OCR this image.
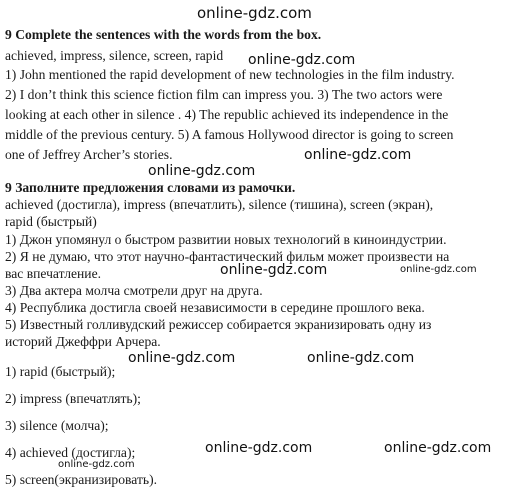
online-gdz.com
online-gdz.com
online-gdz.com
online-gdz.com
online-gdz.com	online-gdz.com
online-gdz.com	online-gdz.com
online-gdz.com	online-gdz.com
online-gdz.com
9 Complete the sentences with the words from the box.
achieved, impress, silence, screen, rapid
1) John mentioned the rapid development of new technologies in the film industry.
2) I don’t think this science fiction film can impress you. 3) The two actors were
looking at each other in silence . 4) The republic achieved its independence in the
middle of the previous century. 5) A famous Hollywood director is going to screen
one of Jeffrey Archer’s stories.
9 Заполните предложения словами из рамочки.
achieved (достигла), impress (впечатлить), silence (тишина), screen (экран),
rapid (быстрый)
1) Джон упомянул о быстром развитии новых технологий в киноиндустрии.
2) Я не думаю, что этот научно-фантастический фильм может произвести на
вас впечатление.
3) Два актера молча смотрели друг на друга.
4) Республика достигла своей независимости в середине прошлого века.
5) Известный голливудский режиссер собирается экранизировать одну из
историй Джеффри Арчера.
1) rapid (быстрый);
2) impress (впечатлять);
3) silence (молча);
4) achieved (достигла);
5) screen(экранизировать).
